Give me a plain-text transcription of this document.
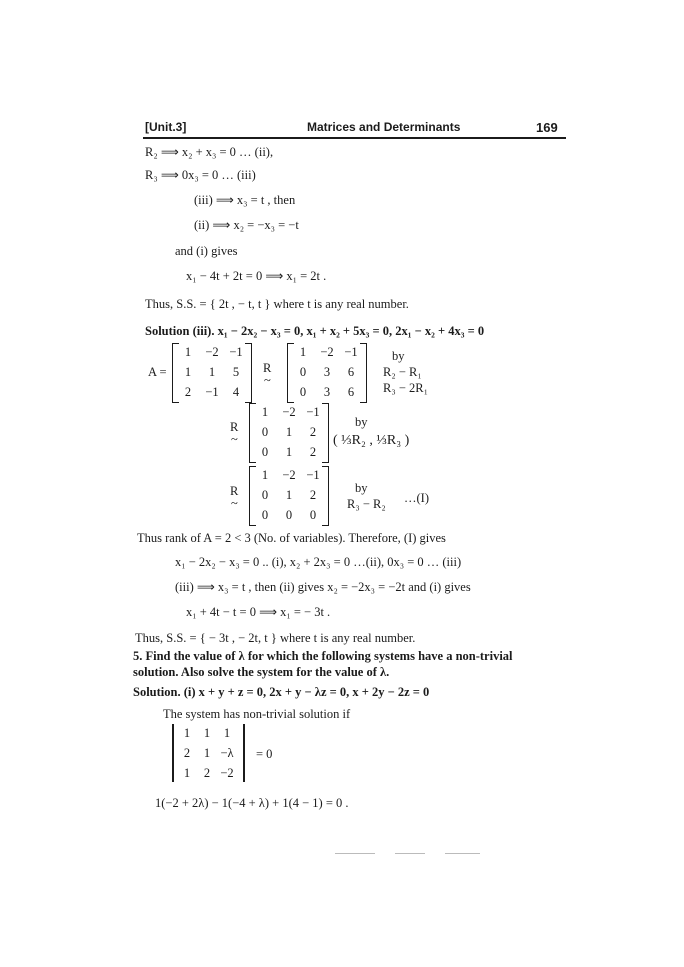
[Unit.3]	Matrices and Determinants	169
R₂ ⟹ x₂ + x₃ = 0 … (ii),
R₃ ⟹ 0x₃ = 0 … (iii)
(iii) ⟹ x₃ = t , then
(ii) ⟹ x₂ = −x₃ = −t
and (i) gives
x₁ − 4t + 2t = 0 ⟹ x₁ = 2t .
Thus, S.S. = { 2t , − t, t } where t is any real number.
Solution (iii). x₁ − 2x₂ − x₃ = 0, x₁ + x₂ + 5x₃ = 0, 2x₁ − x₂ + 4x₃ = 0
A =
1	−2 −1
1	1	5
2	−1	4
R
~
1	−2 −1
0	3	6
0	3	6
by
R₂ − R₁
R₃ − 2R₁
R
~
1	−2 −1
0	1	2
0	1	2
by
( ⅓R₂ , ⅓R₃ )
R
~
1	−2 −1
0	1	2
0	0	0
by
R₃ − R₂ …(I)
Thus rank of A = 2 < 3 (No. of variables). Therefore, (I) gives
x₁ − 2x₂ − x₃ = 0 .. (i), x₂ + 2x₃ = 0 …(ii), 0x₃ = 0 … (iii)
(iii) ⟹ x₃ = t , then (ii) gives x₂ = −2x₃ = −2t and (i) gives
x₁ + 4t − t = 0 ⟹ x₁ = − 3t .
Thus, S.S. = { − 3t , − 2t, t } where t is any real number.
5. Find the value of λ for which the following systems have a non-trivial
solution. Also solve the system for the value of λ.
Solution. (i) x + y + z = 0, 2x + y − λz = 0, x + 2y − 2z = 0
The system has non-trivial solution if
1	1	1
2	1 −λ
1	2 −2
= 0
1(−2 + 2λ) − 1(−4 + λ) + 1(4 − 1) = 0 .
